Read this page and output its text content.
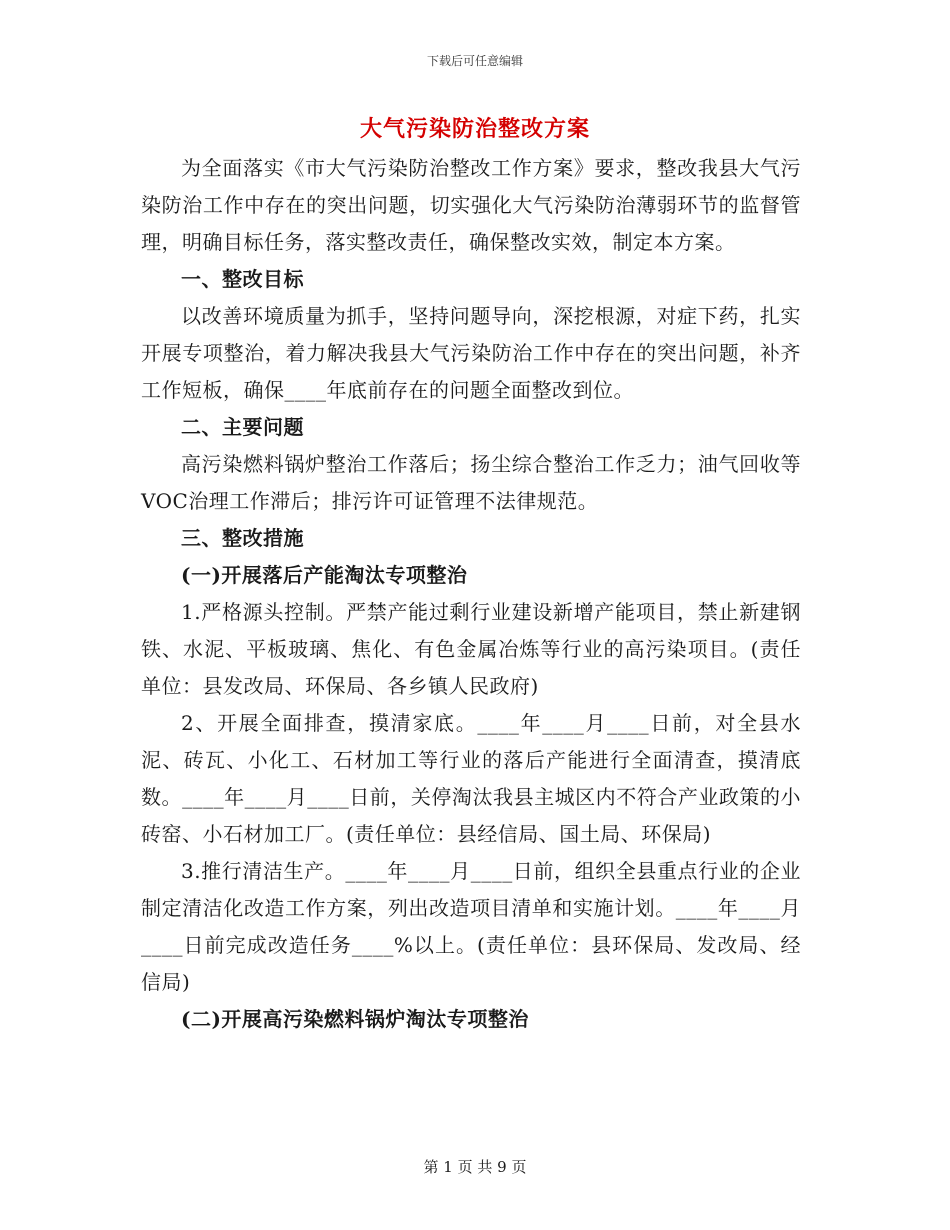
下载后可任意编辑
大气污染防治整改方案

为全面落实《市大气污染防治整改工作方案》要求，整改我县大气污染防治工作中存在的突出问题，切实强化大气污染防治薄弱环节的监督管理，明确目标任务，落实整改责任，确保整改实效，制定本方案。

一、整改目标

以改善环境质量为抓手，坚持问题导向，深挖根源，对症下药，扎实开展专项整治，着力解决我县大气污染防治工作中存在的突出问题，补齐工作短板，确保____年底前存在的问题全面整改到位。

二、主要问题

高污染燃料锅炉整治工作落后；扬尘综合整治工作乏力；油气回收等VOC治理工作滞后；排污许可证管理不法律规范。

三、整改措施

(一)开展落后产能淘汰专项整治

1.严格源头控制。严禁产能过剩行业建设新增产能项目，禁止新建钢铁、水泥、平板玻璃、焦化、有色金属冶炼等行业的高污染项目。(责任单位：县发改局、环保局、各乡镇人民政府)

2、开展全面排查，摸清家底。____年____月____日前，对全县水泥、砖瓦、小化工、石材加工等行业的落后产能进行全面清查，摸清底数。____年____月____日前，关停淘汰我县主城区内不符合产业政策的小砖窑、小石材加工厂。(责任单位：县经信局、国土局、环保局)

3.推行清洁生产。____年____月____日前，组织全县重点行业的企业制定清洁化改造工作方案，列出改造项目清单和实施计划。____年____月____日前完成改造任务____%以上。(责任单位：县环保局、发改局、经信局)

(二)开展高污染燃料锅炉淘汰专项整治

第 1 页 共 9 页
